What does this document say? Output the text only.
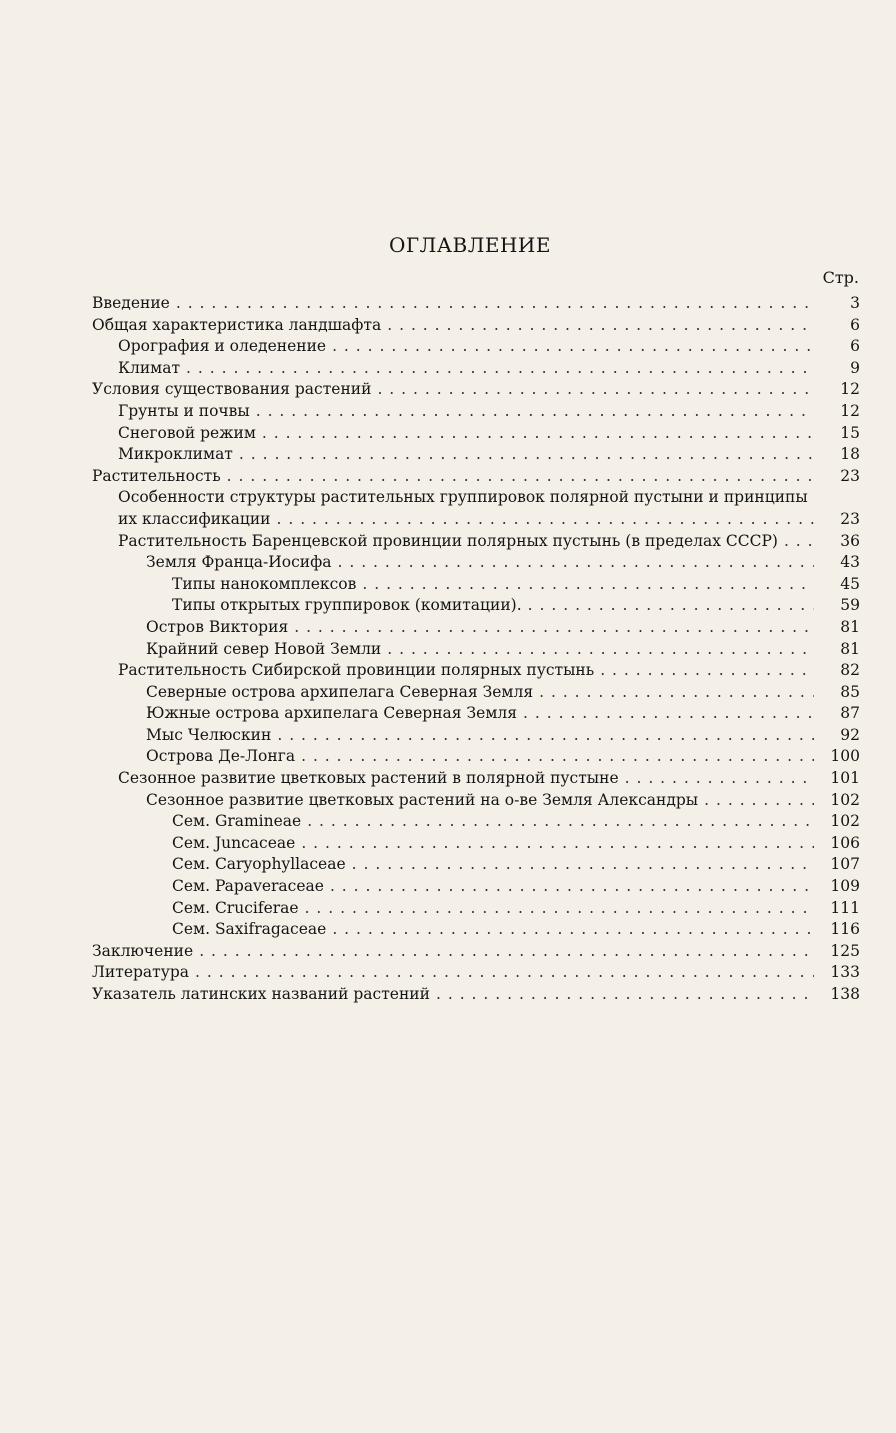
ОГЛАВЛЕНИЕ
Стр.
Введение . . .	3
Общая характеристика ландшафта . . .	6
Орография и оледенение . . .	6
Климат . . .	9
Условия существования растений . . .	12
Грунты и почвы . . .	12
Снеговой режим . . .	15
Микроклимат . . .	18
Растительность . . .	23
Особенности структуры растительных группировок полярной пустыни и принципы
их классификации . . .	23
Растительность Баренцевской провинции полярных пустынь (в пределах СССР) . . .	36
Земля Франца-Иосифа . . .	43
Типы нанокомплексов . . .	45
Типы открытых группировок (комитации). . . .	59
Остров Виктория . . .	81
Крайний север Новой Земли . . .	81
Растительность Сибирской провинции полярных пустынь . . .	82
Северные острова архипелага Северная Земля . . .	85
Южные острова архипелага Северная Земля . . .	87
Мыс Челюскин . . .	92
Острова Де-Лонга . . .	100
Сезонное развитие цветковых растений в полярной пустыне . . .	101
Сезонное развитие цветковых растений на о-ве Земля Александры . . .	102
Сем. Gramineae . . .	102
Сем. Juncaceae . . .	106
Сем. Caryophyllaceae . . .	107
Сем. Papaveraceae . . .	109
Сем. Cruciferae . . .	111
Сем. Saxifragaceae . . .	116
Заключение . . .	125
Литература . . .	133
Указатель латинских названий растений . . .	138
